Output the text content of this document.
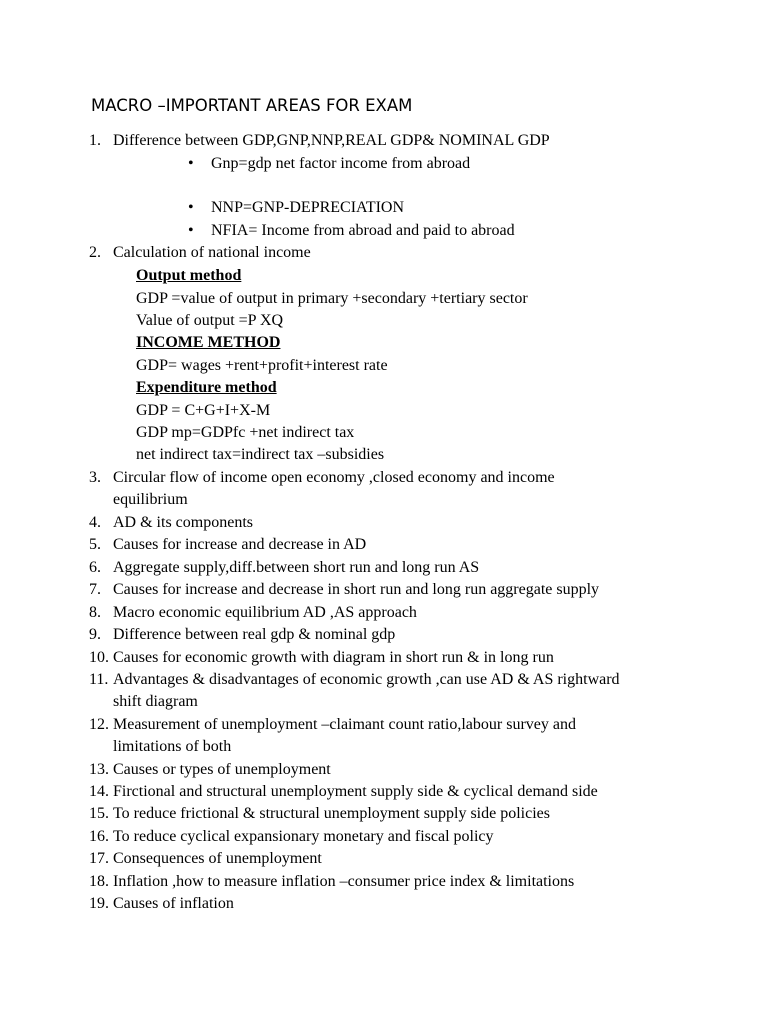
MACRO –IMPORTANT AREAS FOR EXAM
1. Difference between GDP,GNP,NNP,REAL GDP& NOMINAL GDP
• Gnp=gdp net factor income from abroad
• NNP=GNP-DEPRECIATION
• NFIA= Income from abroad and paid to abroad
2. Calculation of national income
Output method
GDP =value of output in primary +secondary +tertiary sector
Value of output =P XQ
INCOME METHOD
GDP= wages +rent+profit+interest rate
Expenditure method
GDP = C+G+I+X-M
GDP mp=GDPfc +net indirect tax
net indirect tax=indirect tax –subsidies
3. Circular flow of income open economy ,closed economy and income
equilibrium
4. AD & its components
5. Causes for increase and decrease in AD
6. Aggregate supply,diff.between short run and long run AS
7. Causes for increase and decrease in short run and long run aggregate supply
8. Macro economic equilibrium AD ,AS approach
9. Difference between real gdp & nominal gdp
10. Causes for economic growth with diagram in short run & in long run
11. Advantages & disadvantages of economic growth ,can use AD & AS rightward
shift diagram
12. Measurement of unemployment –claimant count ratio,labour survey and
limitations of both
13. Causes or types of unemployment
14. Firctional and structural unemployment supply side & cyclical demand side
15. To reduce frictional & structural unemployment supply side policies
16. To reduce cyclical expansionary monetary and fiscal policy
17. Consequences of unemployment
18. Inflation ,how to measure inflation –consumer price index & limitations
19. Causes of inflation
